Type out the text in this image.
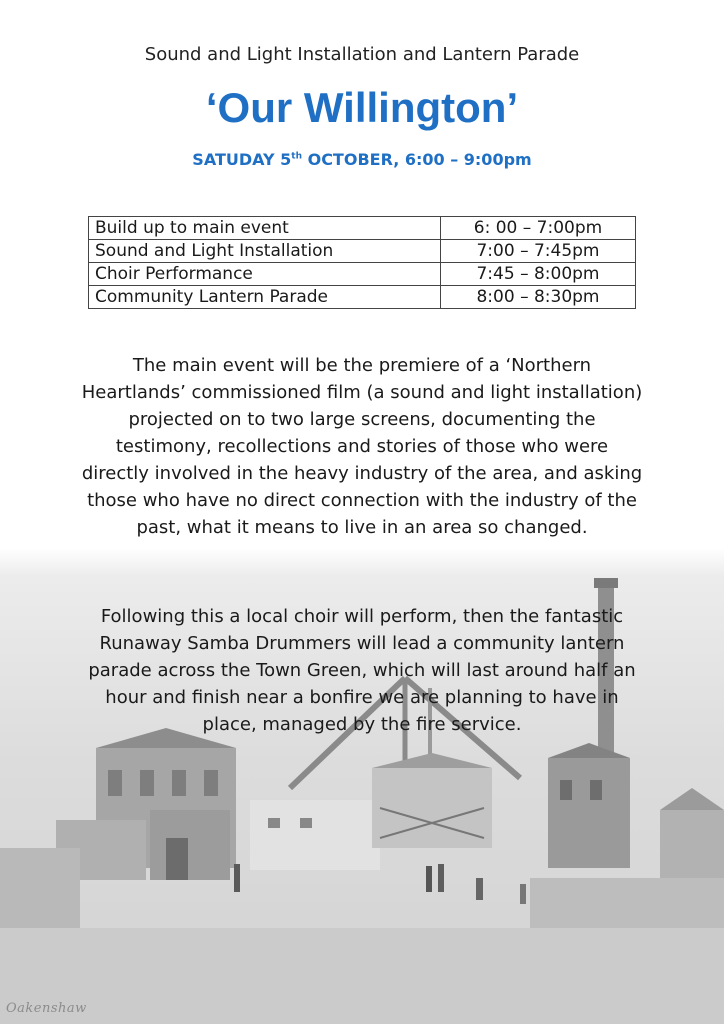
Oakenshaw
Sound and Light Installation and Lantern Parade
‘Our Willington’
SATUDAY 5th OCTOBER, 6:00 – 9:00pm
Build up to main event	6: 00 – 7:00pm
Sound and Light Installation	7:00 – 7:45pm
Choir Performance	7:45 – 8:00pm
Community Lantern Parade	8:00 – 8:30pm
The main event will be the premiere of a ‘Northern Heartlands’ commissioned film (a sound and light installation) projected on to two large screens, documenting the testimony, recollections and stories of those who were directly involved in the heavy industry of the area, and asking those who have no direct connection with the industry of the past, what it means to live in an area so changed.
Following this a local choir will perform, then the fantastic Runaway Samba Drummers will lead a community lantern parade across the Town Green, which will last around half an hour and finish near a bonfire we are planning to have in place, managed by the fire service.
